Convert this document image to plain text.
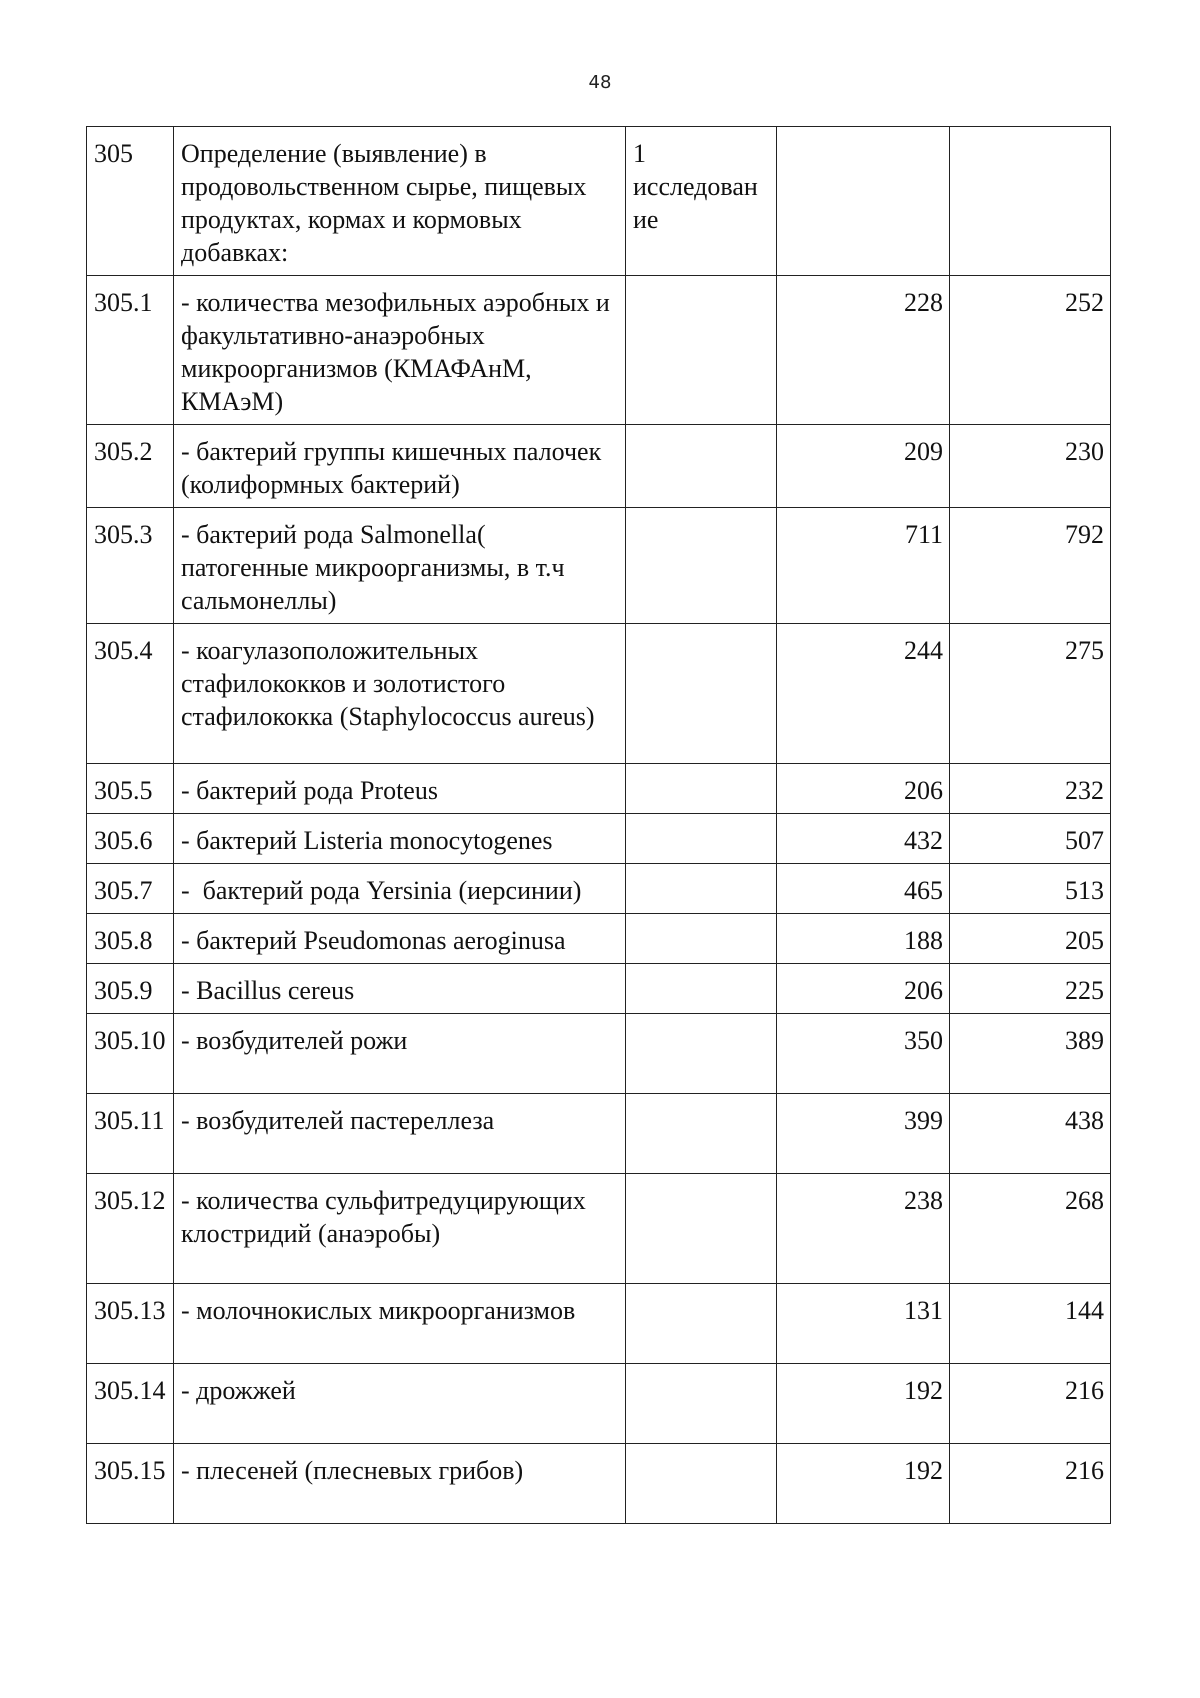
48
305	Определение (выявление) в продовольственном сырье, пищевых продуктах, кормах и кормовых добавках:	1 исследование		
305.1	- количества мезофильных аэробных и факультативно-анаэробных микроорганизмов (КМАФАнМ, КМАэМ)		228	252
305.2	- бактерий группы кишечных палочек (колиформных бактерий)		209	230
305.3	- бактерий рода Salmonella( патогенные микроорганизмы, в т.ч сальмонеллы)		711	792
305.4	- коагулазоположительных стафилококков и золотистого стафилококка (Staphylococcus aureus)		244	275
305.5	- бактерий рода Proteus		206	232
305.6	- бактерий Listeria monocytogenes		432	507
305.7	-  бактерий рода Yersinia (иерсинии)		465	513
305.8	- бактерий Pseudomonas aeroginusa		188	205
305.9	- Bacillus cereus		206	225
305.10	- возбудителей рожи		350	389
305.11	- возбудителей пастереллеза		399	438
305.12	- количества сульфитредуцирующих клостридий (анаэробы)		238	268
305.13	- молочнокислых микроорганизмов		131	144
305.14	- дрожжей		192	216
305.15	- плесеней (плесневых грибов)		192	216
